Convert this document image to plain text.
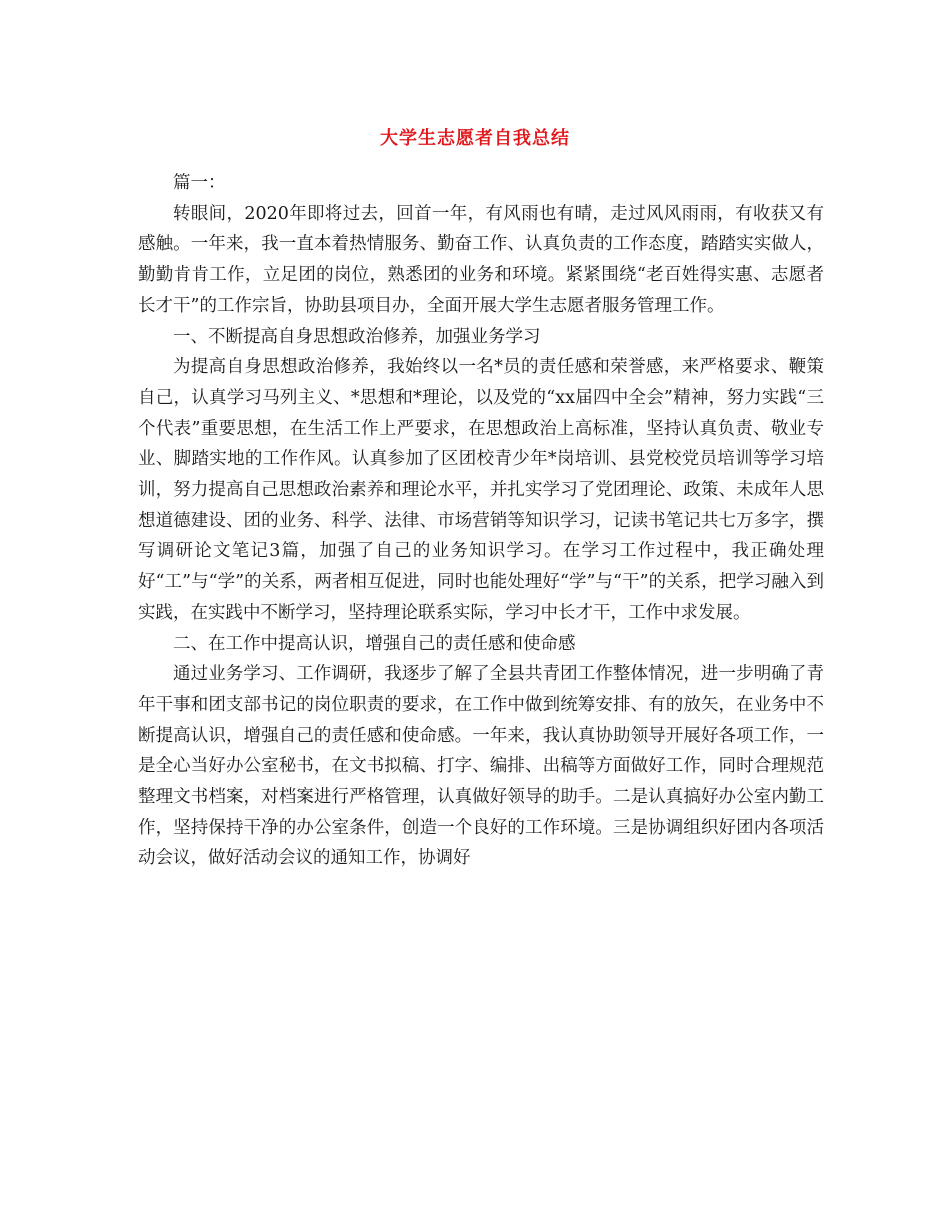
大学生志愿者自我总结

篇一：

转眼间，2020年即将过去，回首一年，有风雨也有晴，走过风风雨雨，有收获又有感触。一年来，我一直本着热情服务、勤奋工作、认真负责的工作态度，踏踏实实做人，勤勤肯肯工作，立足团的岗位，熟悉团的业务和环境。紧紧围绕“老百姓得实惠、志愿者长才干”的工作宗旨，协助县项目办，全面开展大学生志愿者服务管理工作。

一、不断提高自身思想政治修养，加强业务学习

为提高自身思想政治修养，我始终以一名*员的责任感和荣誉感，来严格要求、鞭策自己，认真学习马列主义、*思想和*理论，以及党的“xx届四中全会”精神，努力实践“三个代表”重要思想，在生活工作上严要求，在思想政治上高标准，坚持认真负责、敬业专业、脚踏实地的工作作风。认真参加了区团校青少年*岗培训、县党校党员培训等学习培训，努力提高自己思想政治素养和理论水平，并扎实学习了党团理论、政策、未成年人思想道德建设、团的业务、科学、法律、市场营销等知识学习，记读书笔记共七万多字，撰写调研论文笔记3篇，加强了自己的业务知识学习。在学习工作过程中，我正确处理好“工”与“学”的关系，两者相互促进，同时也能处理好“学”与“干”的关系，把学习融入到实践，在实践中不断学习，坚持理论联系实际，学习中长才干，工作中求发展。

二、在工作中提高认识，增强自己的责任感和使命感

通过业务学习、工作调研，我逐步了解了全县共青团工作整体情况，进一步明确了青年干事和团支部书记的岗位职责的要求，在工作中做到统筹安排、有的放矢，在业务中不断提高认识，增强自己的责任感和使命感。一年来，我认真协助领导开展好各项工作，一是全心当好办公室秘书，在文书拟稿、打字、编排、出稿等方面做好工作，同时合理规范整理文书档案，对档案进行严格管理，认真做好领导的助手。二是认真搞好办公室内勤工作，坚持保持干净的办公室条件，创造一个良好的工作环境。三是协调组织好团内各项活动会议，做好活动会议的通知工作，协调好
